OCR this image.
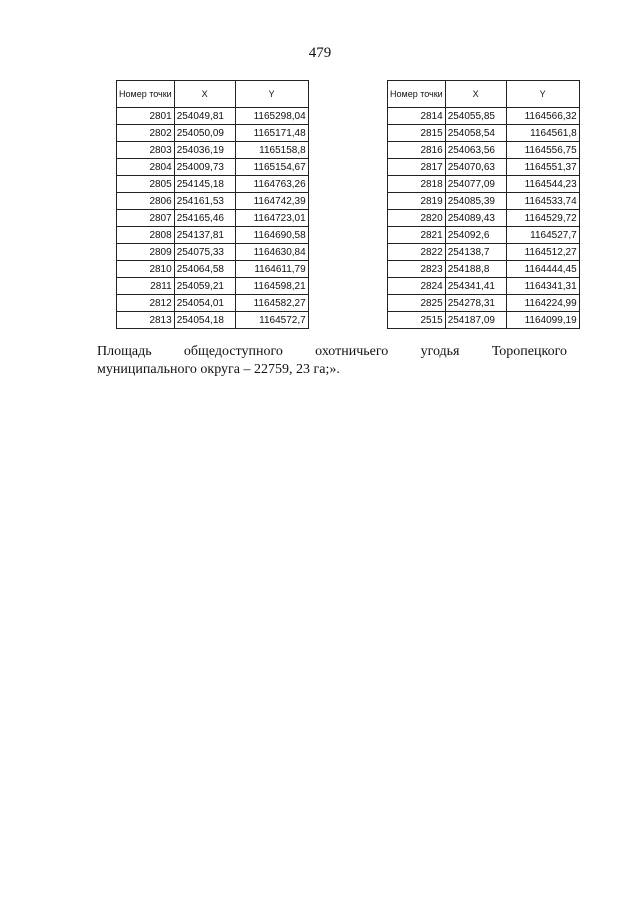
479
Номер точки	X	Y
2801	254049,81	1165298,04
2802	254050,09	1165171,48
2803	254036,19	1165158,8
2804	254009,73	1165154,67
2805	254145,18	1164763,26
2806	254161,53	1164742,39
2807	254165,46	1164723,01
2808	254137,81	1164690,58
2809	254075,33	1164630,84
2810	254064,58	1164611,79
2811	254059,21	1164598,21
2812	254054,01	1164582,27
2813	254054,18	1164572,7
Номер точки	X	Y
2814	254055,85	1164566,32
2815	254058,54	1164561,8
2816	254063,56	1164556,75
2817	254070,63	1164551,37
2818	254077,09	1164544,23
2819	254085,39	1164533,74
2820	254089,43	1164529,72
2821	254092,6	1164527,7
2822	254138,7	1164512,27
2823	254188,8	1164444,45
2824	254341,41	1164341,31
2825	254278,31	1164224,99
2515	254187,09	1164099,19
Площадь общедоступного охотничьего угодья Торопецкого
муниципального округа – 22759, 23 га;».
